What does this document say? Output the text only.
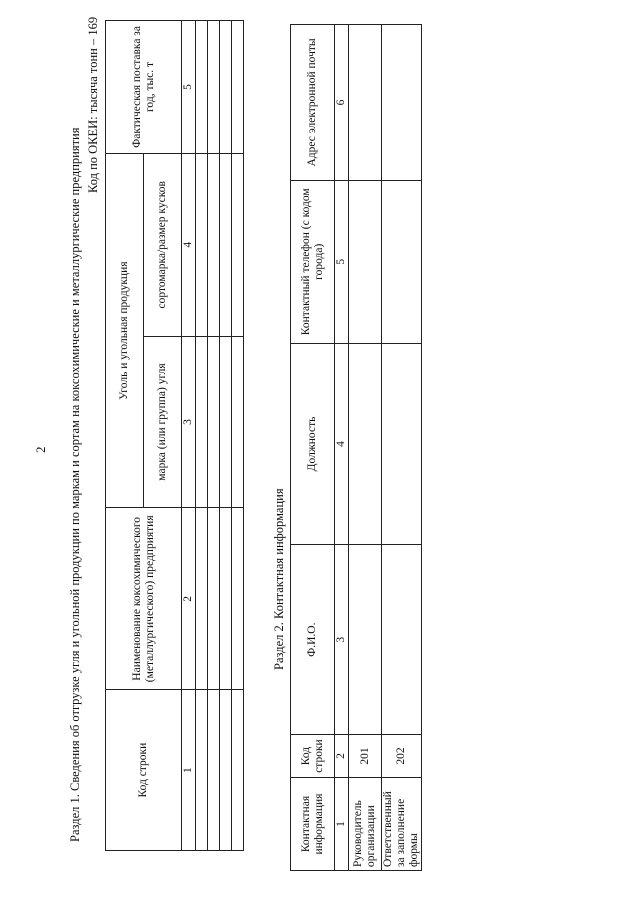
2 Раздел 1. Сведения об отгрузке угля и угольной продукции по маркам и сортам на коксохимические и металлургические предприятия
Код по ОКЕИ: тысяча тонн – 169
Код строки	Наименование коксохимического (металлургического) предприятия	Уголь и угольная продукция		Фактическая поставка за год, тыс. т
		марка (или группа) угля	сортомарка/размер кусков	
1	2	3	4	5

Раздел 2. Контактная информация
Контактная информация	Код строки	Ф.И.О.	Должность	Контактный телефон (с кодом города)	Адрес электронной почты
1	2	3	4	5	6
Руководитель организации	201				
Ответственный за заполнение формы	202				
